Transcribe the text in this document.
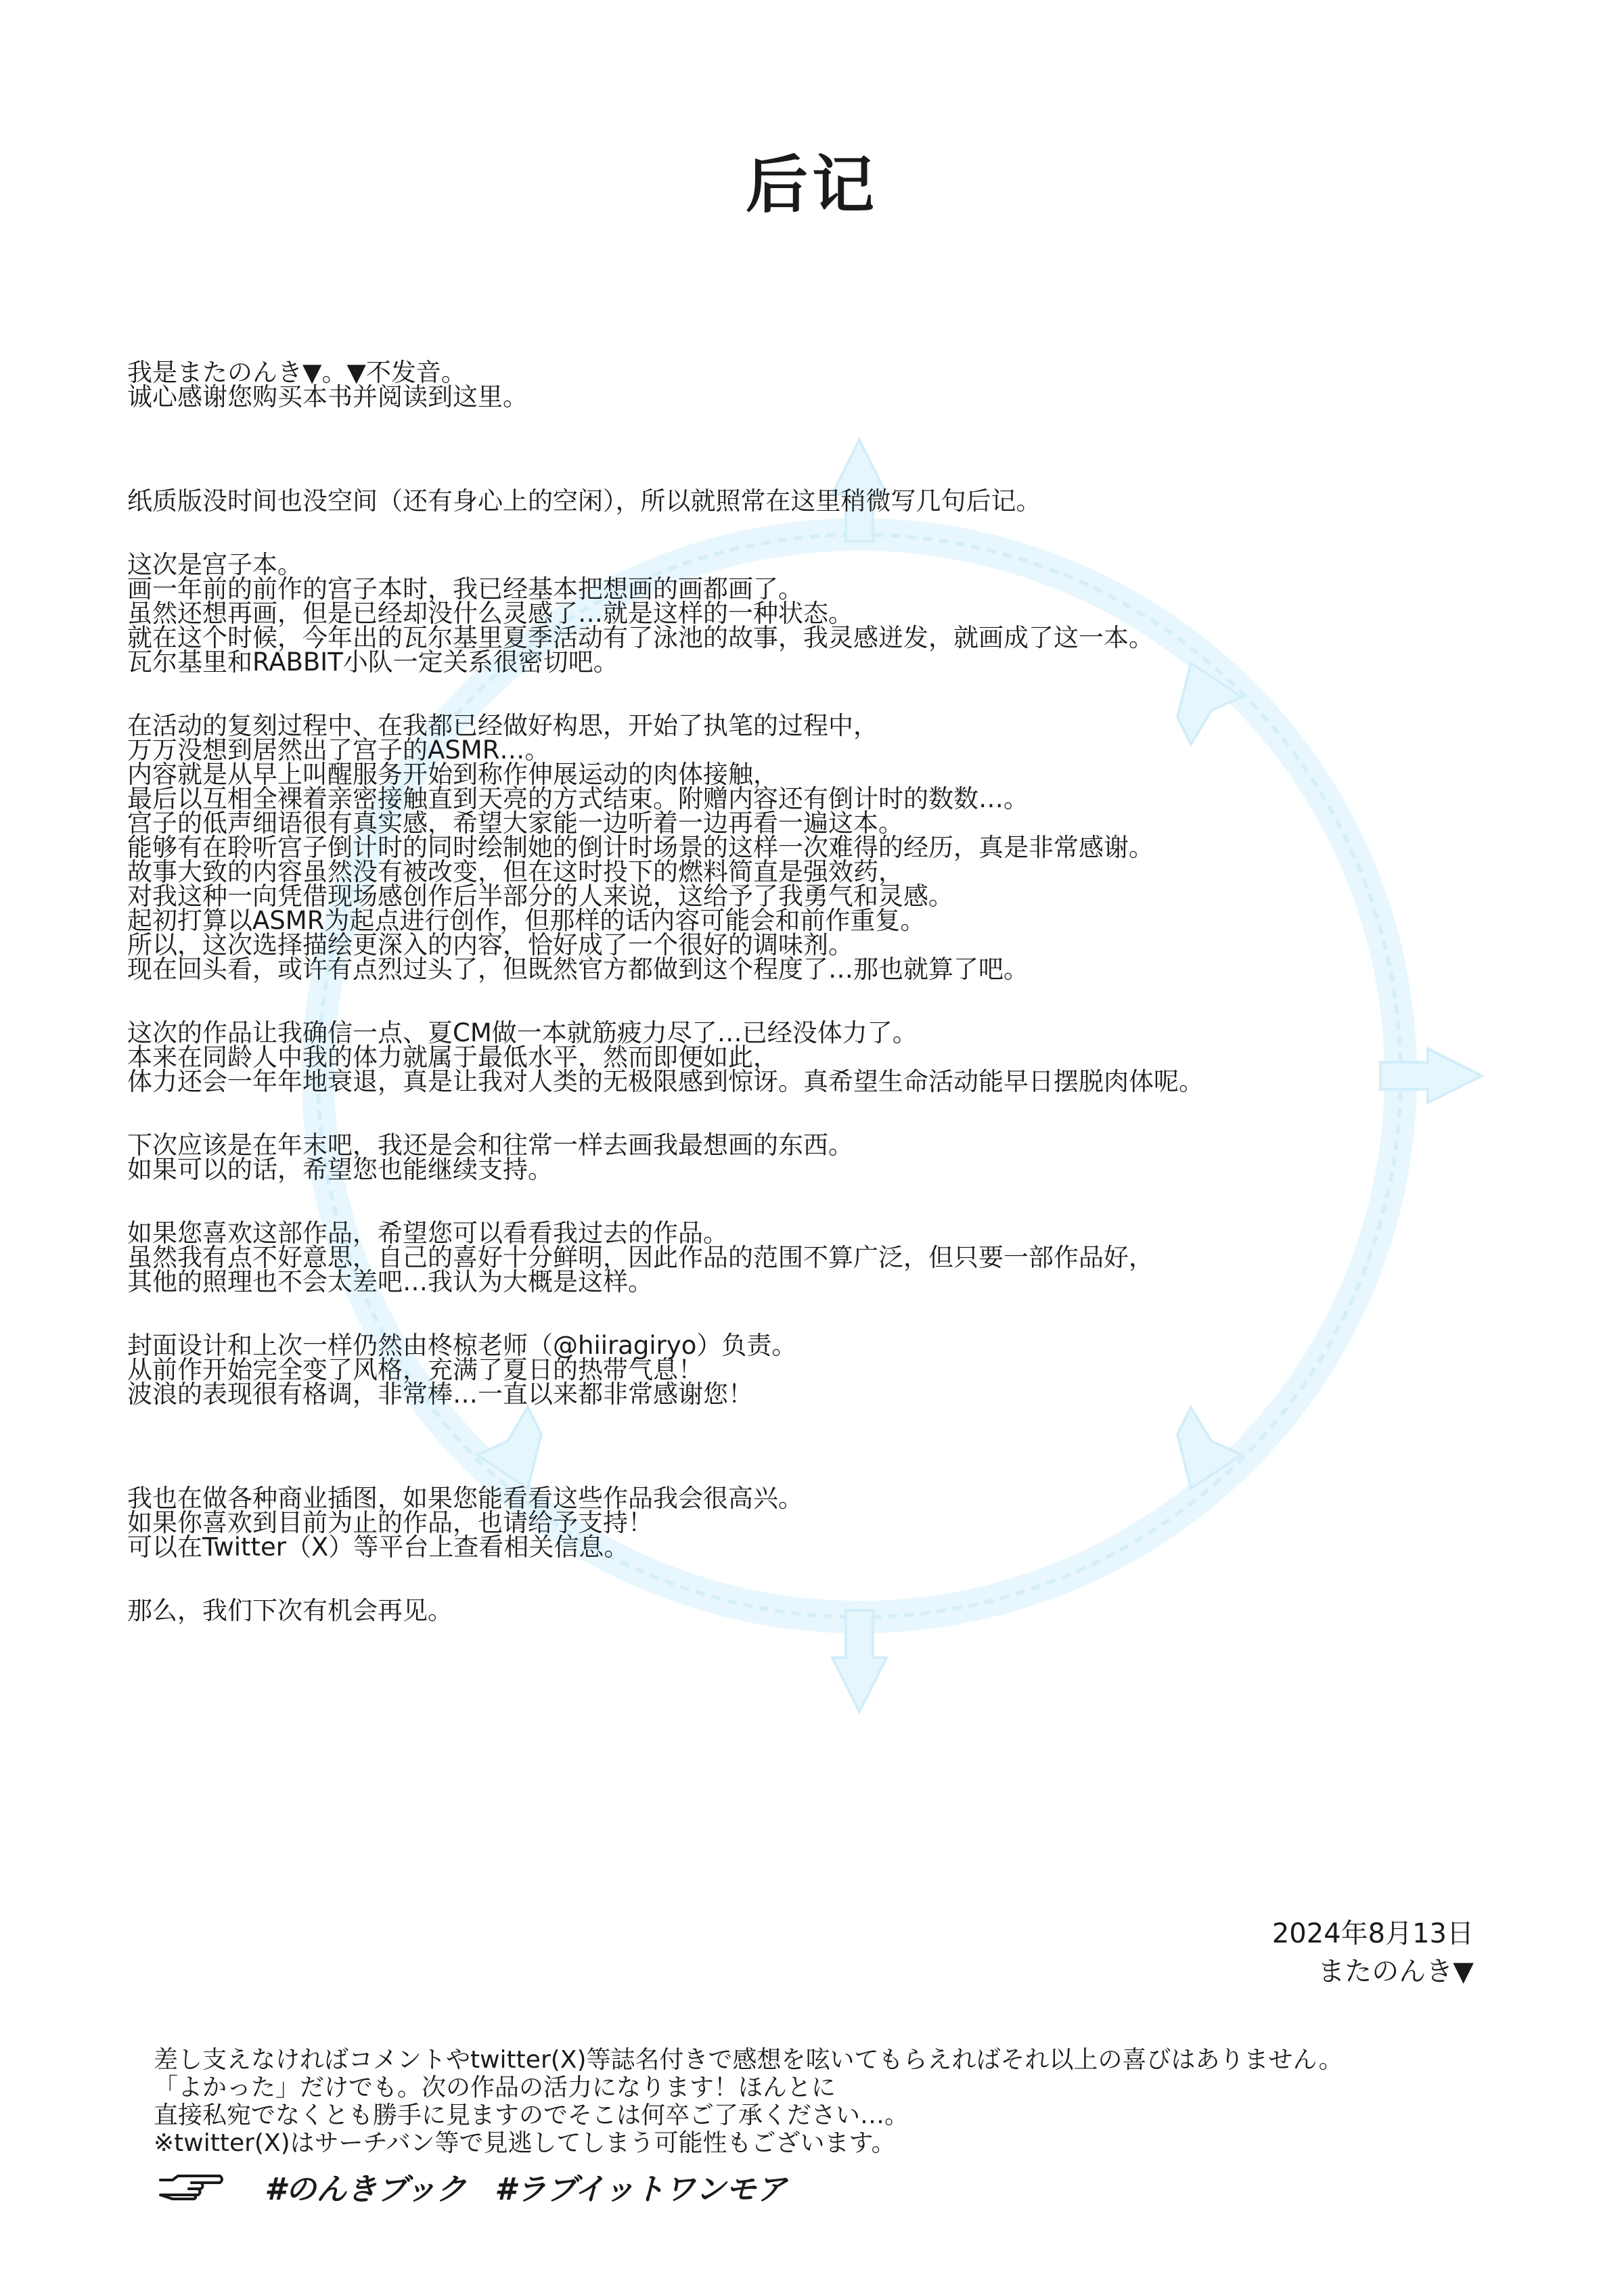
后记
我是またのんき▼。▼不发音。
诚心感谢您购买本书并阅读到这里。
纸质版没时间也没空间（还有身心上的空闲），所以就照常在这里稍微写几句后记。
这次是宫子本。
画一年前的前作的宫子本时，我已经基本把想画的画都画了。
虽然还想再画，但是已经却没什么灵感了…就是这样的一种状态。
就在这个时候，今年出的瓦尔基里夏季活动有了泳池的故事，我灵感迸发，就画成了这一本。
瓦尔基里和RABBIT小队一定关系很密切吧。
在活动的复刻过程中、在我都已经做好构思，开始了执笔的过程中，
万万没想到居然出了宫子的ASMR…。
内容就是从早上叫醒服务开始到称作伸展运动的肉体接触，
最后以互相全裸着亲密接触直到天亮的方式结束。附赠内容还有倒计时的数数…。
宫子的低声细语很有真实感，希望大家能一边听着一边再看一遍这本。
能够有在聆听宫子倒计时的同时绘制她的倒计时场景的这样一次难得的经历，真是非常感谢。
故事大致的内容虽然没有被改变，但在这时投下的燃料简直是强效药，
对我这种一向凭借现场感创作后半部分的人来说，这给予了我勇气和灵感。
起初打算以ASMR为起点进行创作，但那样的话内容可能会和前作重复。
所以，这次选择描绘更深入的内容，恰好成了一个很好的调味剂。
现在回头看，或许有点烈过头了，但既然官方都做到这个程度了…那也就算了吧。
这次的作品让我确信一点、夏CM做一本就筋疲力尽了…已经没体力了。
本来在同龄人中我的体力就属于最低水平，然而即便如此，
体力还会一年年地衰退，真是让我对人类的无极限感到惊讶。真希望生命活动能早日摆脱肉体呢。
下次应该是在年末吧，我还是会和往常一样去画我最想画的东西。
如果可以的话，希望您也能继续支持。
如果您喜欢这部作品，希望您可以看看我过去的作品。
虽然我有点不好意思，自己的喜好十分鲜明，因此作品的范围不算广泛，但只要一部作品好，
其他的照理也不会太差吧…我认为大概是这样。
封面设计和上次一样仍然由柊椋老师（@hiiragiryo）负责。
从前作开始完全变了风格，充满了夏日的热带气息！
波浪的表现很有格调，非常棒…一直以来都非常感谢您！
我也在做各种商业插图，如果您能看看这些作品我会很高兴。
如果你喜欢到目前为止的作品，也请给予支持！
可以在Twitter（X）等平台上查看相关信息。
那么，我们下次有机会再见。
2024年8月13日
またのんき▼
差し支えなければコメントやtwitter(X)等誌名付きで感想を呟いてもらえればそれ以上の喜びはありません。
「よかった」だけでも。次の作品の活力になります！ほんとに
直接私宛でなくとも勝手に見ますのでそこは何卒ご了承ください…。
※twitter(X)はサーチバン等で見逃してしまう可能性もございます。
#のんきブック #ラブイットワンモア
